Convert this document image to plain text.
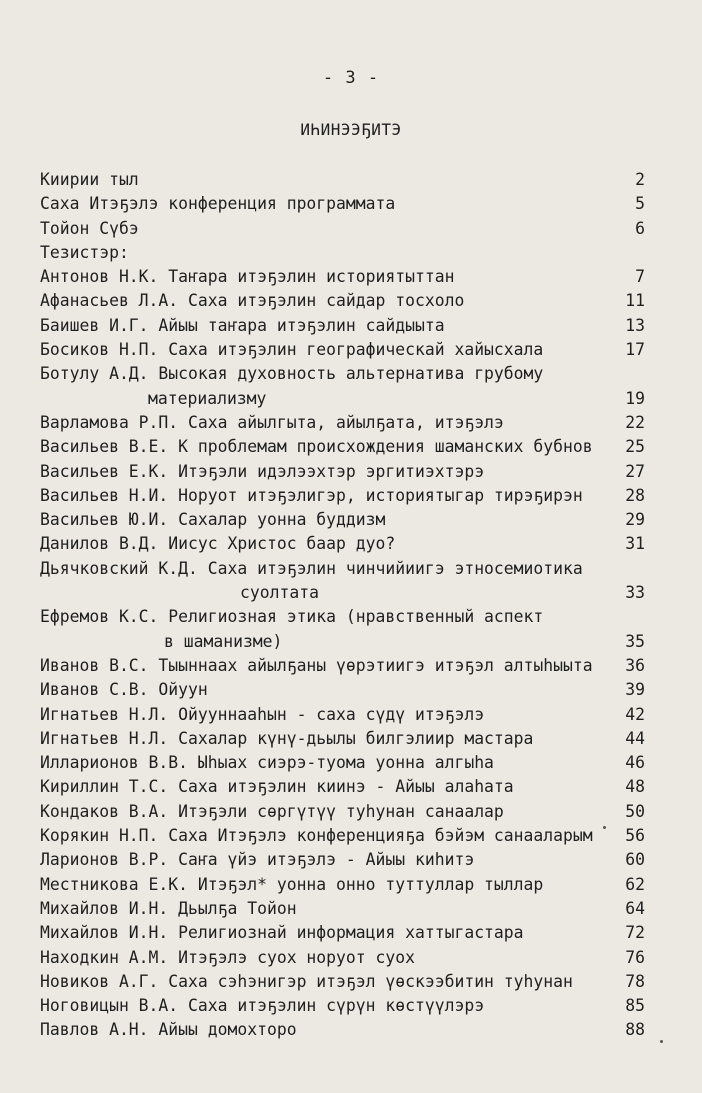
- 3 -
ИҺИНЭЭҔИТЭ
Киирии тыл	2
Саха Итэҕэлэ конференция программата	5
Тойон Сүбэ	6
Тезистэр:
Антонов Н.К. Таҥара итэҕэлин историятыттан	7
Афанасьев Л.А. Саха итэҕэлин сайдар тосхоло	11
Баишев И.Г. Айыы таҥара итэҕэлин сайдыыта	13
Босиков Н.П. Саха итэҕэлин географическай хайысхала	17
Ботулу А.Д. Высокая духовность альтернатива грубому
материализму	19
Варламова Р.П. Саха айылгыта, айылҕата, итэҕэлэ	22
Васильев В.Е. К проблемам происхождения шаманских бубнов	25
Васильев Е.К. Итэҕэли идэлээхтэр эргитиэхтэрэ	27
Васильев Н.И. Норуот итэҕэлигэр, историятыгар тирэҕирэн	28
Васильев Ю.И. Сахалар уонна буддизм	29
Данилов В.Д. Иисус Христос баар дуо?	31
Дьячковский К.Д. Саха итэҕэлин чинчийиигэ этносемиотика
суолтата	33
Ефремов К.С. Религиозная этика (нравственный аспект
в шаманизме)	35
Иванов В.С. Тыыннаах айылҕаны үөрэтиигэ итэҕэл алтыһыыта	36
Иванов С.В. Ойуун	39
Игнатьев Н.Л. Ойууннааһын - саха сүдү итэҕэлэ	42
Игнатьев Н.Л. Сахалар күнү-дьылы билгэлиир мастара	44
Илларионов В.В. Ыһыах сиэрэ-туома уонна алгыһа	46
Кириллин Т.С. Саха итэҕэлин киинэ - Айыы алаһата	48
Кондаков В.А. Итэҕэли сөргүтүү туһунан санаалар	50
Корякин Н.П. Саха Итэҕэлэ конференцияҕа бэйэм санааларым	56
Ларионов В.Р. Саҥа үйэ итэҕэлэ - Айыы киһитэ	60
Местникова Е.К. Итэҕэл* уонна онно туттуллар тыллар	62
Михайлов И.Н. Дьылҕа Тойон	64
Михайлов И.Н. Религиознай информация хаттыгастара	72
Находкин А.М. Итэҕэлэ суох норуот суох	76
Новиков А.Г. Саха сэһэнигэр итэҕэл үөскээбитин туһунан	78
Ноговицын В.А. Саха итэҕэлин сүрүн көстүүлэрэ	85
Павлов А.Н. Айыы домохторо	88
